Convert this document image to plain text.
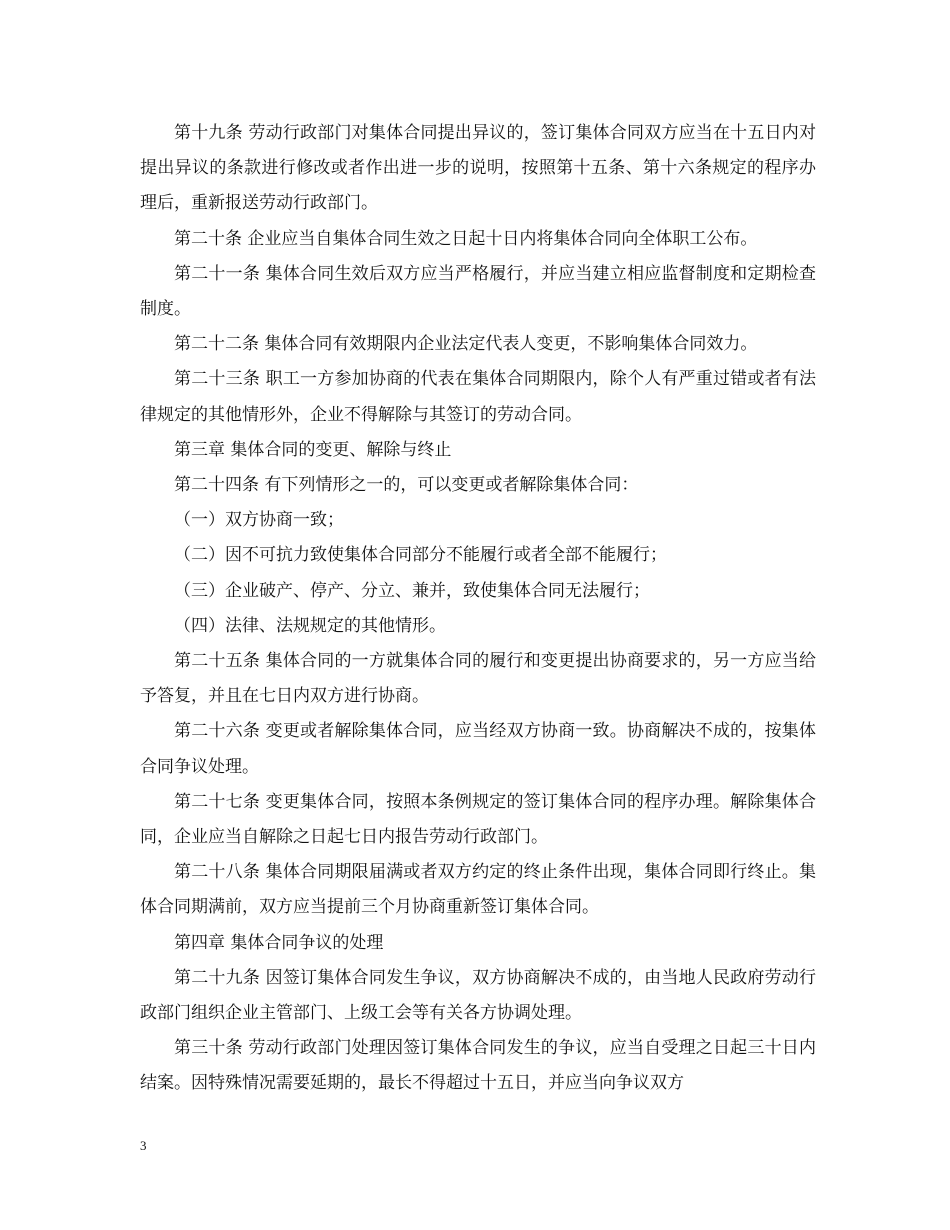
第十九条 劳动行政部门对集体合同提出异议的，签订集体合同双方应当在十五日内对提出异议的条款进行修改或者作出进一步的说明，按照第十五条、第十六条规定的程序办理后，重新报送劳动行政部门。

第二十条 企业应当自集体合同生效之日起十日内将集体合同向全体职工公布。

第二十一条 集体合同生效后双方应当严格履行，并应当建立相应监督制度和定期检查制度。

第二十二条 集体合同有效期限内企业法定代表人变更，不影响集体合同效力。

第二十三条 职工一方参加协商的代表在集体合同期限内，除个人有严重过错或者有法律规定的其他情形外，企业不得解除与其签订的劳动合同。

第三章 集体合同的变更、解除与终止

第二十四条 有下列情形之一的，可以变更或者解除集体合同：

（一）双方协商一致；

（二）因不可抗力致使集体合同部分不能履行或者全部不能履行；

（三）企业破产、停产、分立、兼并，致使集体合同无法履行；

（四）法律、法规规定的其他情形。

第二十五条 集体合同的一方就集体合同的履行和变更提出协商要求的，另一方应当给予答复，并且在七日内双方进行协商。

第二十六条 变更或者解除集体合同，应当经双方协商一致。协商解决不成的，按集体合同争议处理。

第二十七条 变更集体合同，按照本条例规定的签订集体合同的程序办理。解除集体合同，企业应当自解除之日起七日内报告劳动行政部门。

第二十八条 集体合同期限届满或者双方约定的终止条件出现，集体合同即行终止。集体合同期满前，双方应当提前三个月协商重新签订集体合同。

第四章 集体合同争议的处理

第二十九条 因签订集体合同发生争议，双方协商解决不成的，由当地人民政府劳动行政部门组织企业主管部门、上级工会等有关各方协调处理。

第三十条 劳动行政部门处理因签订集体合同发生的争议，应当自受理之日起三十日内结案。因特殊情况需要延期的，最长不得超过十五日，并应当向争议双方

3
